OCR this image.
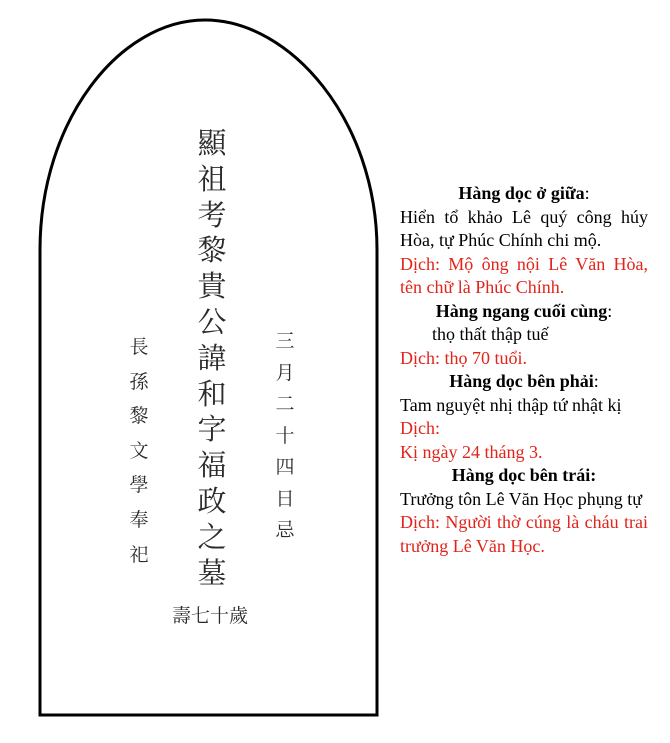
顯
祖
考
黎
貴
公
諱
和
字
福
政
之
墓
三
月
二
十
四
日
忌
長
孫
黎
文
學
奉
祀
壽七十歲
Hàng dọc ở giữa:
Hiển tổ khảo Lê quý công húy Hòa, tự Phúc Chính chi mộ.
Dịch: Mộ ông nội Lê Văn Hòa, tên chữ là Phúc Chính.
Hàng ngang cuối cùng:
thọ thất thập tuế
Dịch: thọ 70 tuổi.
Hàng dọc bên phải:
Tam nguyệt nhị thập tứ nhật kị
Dịch:
Kị ngày 24 tháng 3.
Hàng dọc bên trái:
Trưởng tôn Lê Văn Học phụng tự
Dịch: Người thờ cúng là cháu trai trưởng Lê Văn Học.
